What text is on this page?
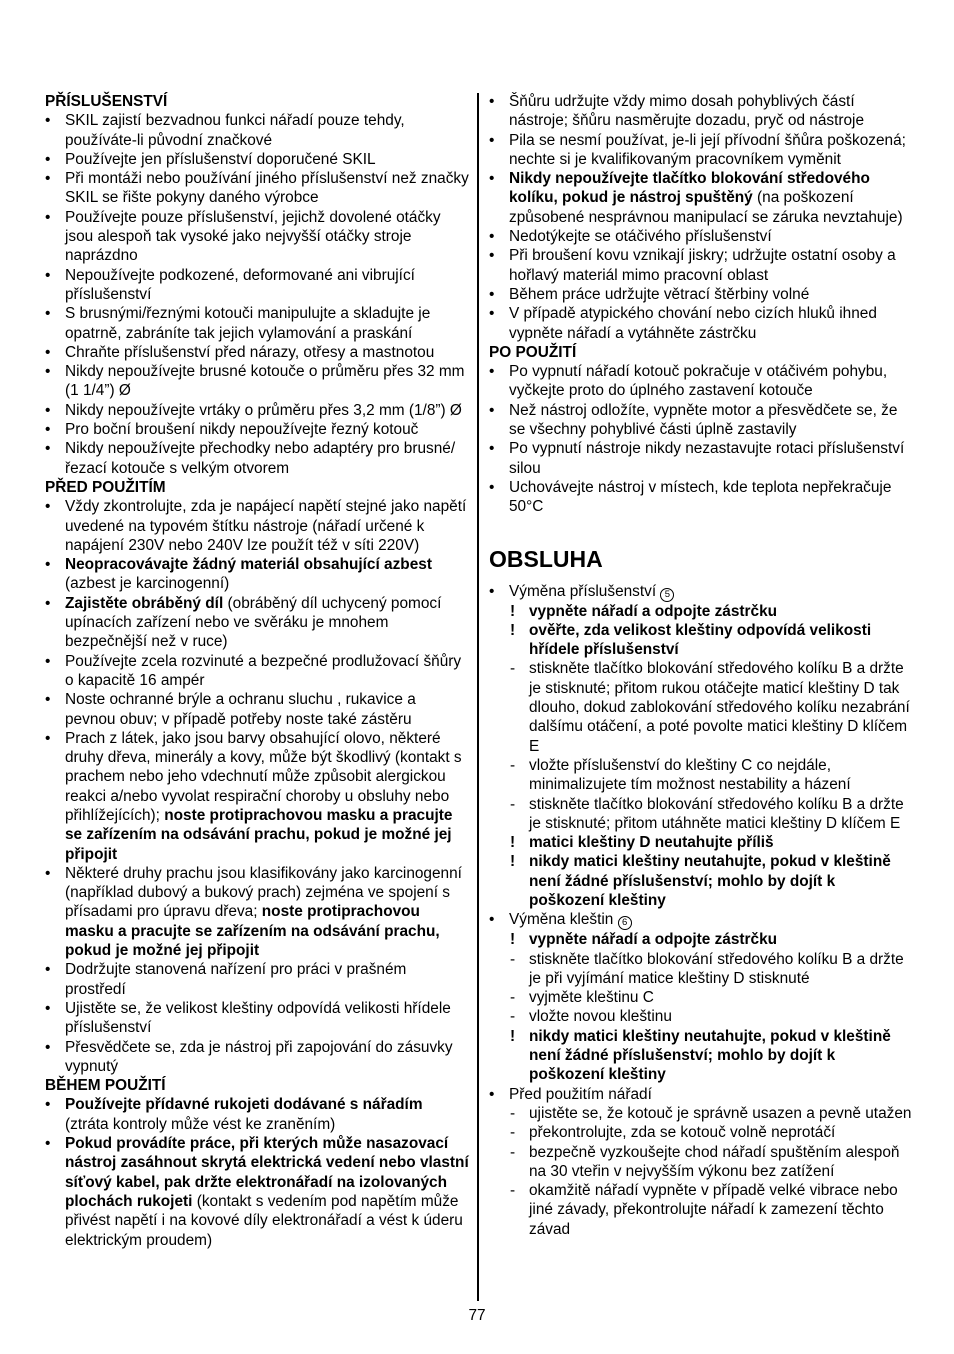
PŘÍSLUŠENSTVÍ

• SKIL zajistí bezvadnou funkci nářadí pouze tehdy, používáte-li původní značkové
• Používejte jen příslušenství doporučené SKIL
• Při montáži nebo používání jiného příslušenství než značky SKIL se řište pokyny daného výrobce
• Používejte pouze příslušenství, jejichž dovolené otáčky jsou alespoň tak vysoké jako nejvyšší otáčky stroje naprázdno
• Nepoužívejte podkozené, deformované ani vibrující příslušenství
• S brusnými/řeznými kotouči manipulujte a skladujte je opatrně, zabráníte tak jejich vylamování a praskání
• Chraňte příslušenství před nárazy, otřesy a mastnotou
• Nikdy nepoužívejte brusné kotouče o průměru přes 32 mm (1 1/4”) Ø
• Nikdy nepoužívejte vrtáky o průměru přes 3,2 mm (1/8”) Ø
• Pro boční broušení nikdy nepoužívejte řezný kotouč
• Nikdy nepoužívejte přechodky nebo adaptéry pro brusné/řezací kotouče s velkým otvorem

PŘED POUŽITÍM

• Vždy zkontrolujte, zda je napájecí napětí stejné jako napětí uvedené na typovém štítku nástroje (nářadí určené k napájení 230V nebo 240V lze použít též v síti 220V)
• Neopracovávajte žádný materiál obsahující azbest (azbest je karcinogenní)
• Zajistěte obráběný díl (obráběný díl uchycený pomocí upínacích zařízení nebo ve svěráku je mnohem bezpečnější než v ruce)
• Používejte zcela rozvinuté a bezpečné prodlužovací šňůry o kapacitě 16 ampér
• Noste ochranné brýle a ochranu sluchu , rukavice a pevnou obuv; v případě potřeby noste také zástěru
• Prach z látek, jako jsou barvy obsahující olovo, některé druhy dřeva, minerály a kovy, může být škodlivý (kontakt s prachem nebo jeho vdechnutí může způsobit alergickou reakci a/nebo vyvolat respirační choroby u obsluhy nebo přihlížejících); noste protiprachovou masku a pracujte se zařízením na odsávání prachu, pokud je možné jej připojit
• Některé druhy prachu jsou klasifikovány jako karcinogenní (například dubový a bukový prach) zejména ve spojení s přísadami pro úpravu dřeva; noste protiprachovou masku a pracujte se zařízením na odsávání prachu, pokud je možné jej připojit
• Dodržujte stanovená nařízení pro práci v prašném prostředí
• Ujistěte se, že velikost kleštiny odpovídá velikosti hřídele příslušenství
• Přesvědčete se, zda je nástroj při zapojování do zásuvky vypnutý

BĚHEM POUŽITÍ

• Používejte přídavné rukojeti dodávané s nářadím (ztráta kontroly může vést ke zranĕním)
• Pokud provádíte práce, při kterých může nasazovací nástroj zasáhnout skrytá elektrická vedení nebo vlastní síťový kabel, pak držte elektronářadí na izolovaných plochách rukojeti (kontakt s vedením pod napětím může přivést napětí i na kovové díly elektronářadí a vést k úderu elektrickým proudem)
• Šňůru udržujte vždy mimo dosah pohyblivých částí nástroje; šňůru nasměrujte dozadu, pryč od nástroje
• Pila se nesmí používat, je-li její přívodní šňůra poškozená; nechte si je kvalifikovaným pracovníkem vyměnit
• Nikdy nepoužívejte tlačítko blokování středového kolíku, pokud je nástroj spuštěný (na poškození způsobené nesprávnou manipulací se záruka nevztahuje)
• Nedotýkejte se otáčivého příslušenství
• Při broušení kovu vznikají jiskry; udržujte ostatní osoby a hořlavý materiál mimo pracovní oblast
• Během práce udržujte větrací štěrbiny volné
• V případě atypického chování nebo cizích hluků ihned vypněte nářadí a vytáhněte zástrčku

PO POUŽITÍ

• Po vypnutí nářadí kotouč pokračuje v otáčivém pohybu, vyčkejte proto do úplného zastavení kotouče
• Než nástroj odložíte, vypněte motor a přesvědčete se, že se všechny pohyblivé části úplně zastavily
• Po vypnutí nástroje nikdy nezastavujte rotaci příslušenství silou
• Uchovávejte nástroj v místech, kde teplota nepřekračuje 50°C
OBSLUHA
• Výměna příslušenství 5
! vypněte nářadí a odpojte zástrčku
! ověřte, zda velikost kleštiny odpovídá velikosti hřídele příslušenství
- stiskněte tlačítko blokování středového kolíku B a držte je stisknuté; přitom rukou otáčejte maticí kleštiny D tak dlouho, dokud zablokování středového kolíku nezabrání dalšímu otáčení, a poté povolte matici kleštiny D klíčem E
- vložte příslušenství do kleštiny C co nejdále, minimalizujete tím možnost nestability a házení
- stiskněte tlačítko blokování středového kolíku B a držte je stisknuté; přitom utáhněte matici kleštiny D klíčem E
! matici kleštiny D neutahujte příliš
! nikdy matici kleštiny neutahujte, pokud v kleštině není žádné příslušenství; mohlo by dojít k poškození kleštiny
• Výměna kleštin 6
! vypněte nářadí a odpojte zástrčku
- stiskněte tlačítko blokování středového kolíku B a držte je při vyjímání matice kleštiny D stisknuté
- vyjměte kleštinu C
- vložte novou kleštinu
! nikdy matici kleštiny neutahujte, pokud v kleštině není žádné příslušenství; mohlo by dojít k poškození kleštiny
• Před použitím nářadí
- ujistěte se, že kotouč je správně usazen a pevně utažen
- překontrolujte, zda se kotouč volně neprotáčí
- bezpečně vyzkoušejte chod nářadí spuštěním alespoň na 30 vteřin v nejvyšším výkonu bez zatížení
- okamžitě nářadí vypněte v případě velké vibrace nebo jiné závady, překontrolujte nářadí k zamezení těchto závad
77
